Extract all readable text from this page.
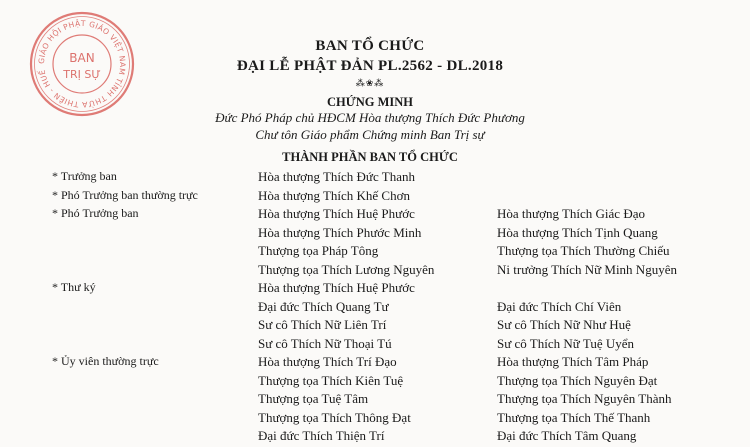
GIÁO HỘI PHẬT GIÁO VIỆT NAM TỈNH THỪA THIÊN - HUẾ
BAN
TRỊ SỰ
BAN TỔ CHỨC
ĐẠI LỄ PHẬT ĐẢN PL.2562 - DL.2018
⁂❀⁂
CHỨNG MINH
Đức Phó Pháp chủ HĐCM Hòa thượng Thích Đức Phương
Chư tôn Giáo phẩm Chứng minh Ban Trị sự
THÀNH PHẦN BAN TỔ CHỨC
* Trưởng ban	Hòa thượng Thích Đức Thanh
* Phó Trưởng ban thường trực	Hòa thượng Thích Khế Chơn
* Phó Trưởng ban	Hòa thượng Thích Huệ Phước	Hòa thượng Thích Giác Đạo
Hòa thượng Thích Phước Minh	Hòa thượng Thích Tịnh Quang
Thượng tọa Pháp Tông	Thượng tọa Thích Thường Chiếu
Thượng tọa Thích Lương Nguyên	Ni trưởng Thích Nữ Minh Nguyên
* Thư ký	Hòa thượng Thích Huệ Phước
Đại đức Thích Quang Tư	Đại đức Thích Chí Viên
Sư cô Thích Nữ Liên Trí	Sư cô Thích Nữ Như Huệ
Sư cô Thích Nữ Thoại Tú	Sư cô Thích Nữ Tuệ Uyển
* Ủy viên thường trực	Hòa thượng Thích Trí Đạo	Hòa thượng Thích Tâm Pháp
Thượng tọa Thích Kiên Tuệ	Thượng tọa Thích Nguyên Đạt
Thượng tọa Tuệ Tâm	Thượng tọa Thích Nguyên Thành
Thượng tọa Thích Thông Đạt	Thượng tọa Thích Thế Thanh
Đại đức Thích Thiện Trí	Đại đức Thích Tâm Quang
